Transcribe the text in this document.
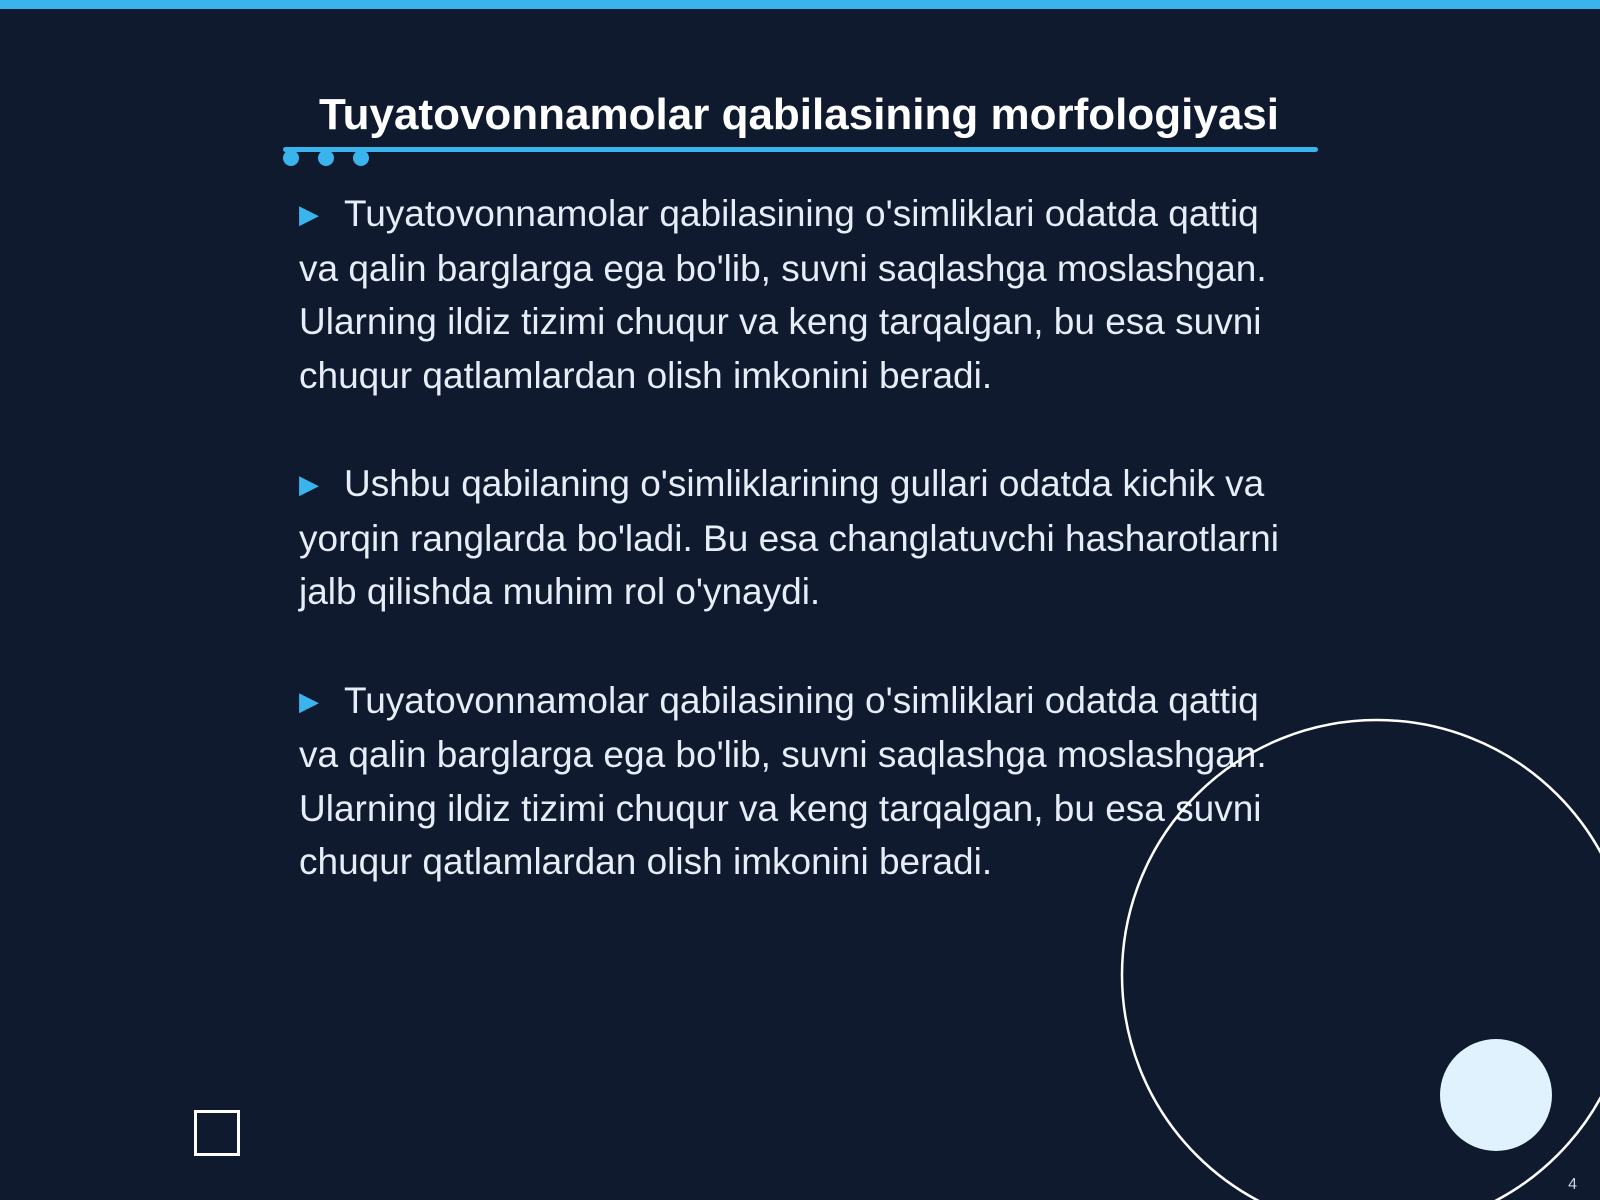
Tuyatovonnamolar qabilasining morfologiyasi
▶ Tuyatovonnamolar qabilasining o'simliklari odatda qattiq va qalin barglarga ega bo'lib, suvni saqlashga moslashgan. Ularning ildiz tizimi chuqur va keng tarqalgan, bu esa suvni chuqur qatlamlardan olish imkonini beradi.
▶ Ushbu qabilaning o'simliklarining gullari odatda kichik va yorqin ranglarda bo'ladi. Bu esa changlatuvchi hasharotlarni jalb qilishda muhim rol o'ynaydi.
▶ Tuyatovonnamolar qabilasining o'simliklari odatda qattiq va qalin barglarga ega bo'lib, suvni saqlashga moslashgan. Ularning ildiz tizimi chuqur va keng tarqalgan, bu esa suvni chuqur qatlamlardan olish imkonini beradi.
4
